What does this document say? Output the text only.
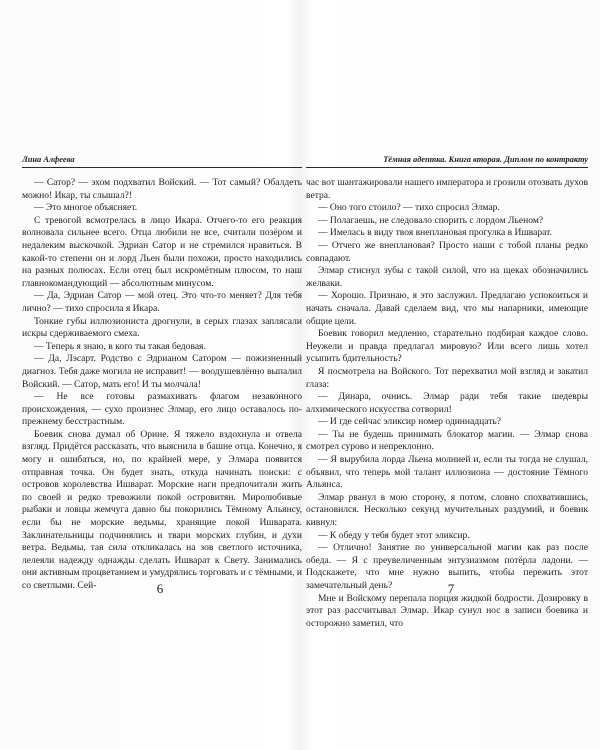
Лина Алфеева

— Сатор? — эхом подхватил Войский. — Тот самый? Обалдеть можно! Икар, ты слышал?!

— Это многое объясняет.

С тревогой всмотрелась в лицо Икара. Отчего-то его реакция волновала сильнее всего. Отца любили не все, считали позёром и недалеким выскочкой. Эдриан Сатор и не стремился нравиться. В какой-то степени он и лорд Льен были похожи, просто находились на разных полюсах. Если отец был искромётным плюсом, то наш главнокомандующий — абсолютным минусом.

— Да, Эдриан Сатор — мой отец. Это что-то меняет? Для тебя лично? — тихо спросила я Икара.

Тонкие губы иллюзиониста дрогнули, в серых глазах заплясали искры сдерживаемого смеха.

— Теперь я знаю, в кого ты такая бедовая.

— Да, Лэсарт. Родство с Эдрианом Сатором — пожизненный диагноз. Тебя даже могила не исправит! — воодушевлённо выпалил Войский. — Сатор, мать его! И ты молчала!

— Не все готовы размахивать флагом незаконного происхождения, — сухо произнес Элмар, его лицо оставалось по-прежнему бесстрастным.

Боевик снова думал об Орине. Я тяжело вздохнула и отвела взгляд. Придётся рассказать, что выяснила в башне отца. Конечно, я могу и ошибаться, но, по крайней мере, у Элмара появится отправная точка. Он будет знать, откуда начинать поиски: с островов королевства Ишварат. Морские наги предпочитали жить по своей и редко тревожили покой островитян. Миролюбивые рыбаки и ловцы жемчуга давно бы покорились Тёмному Альянсу, если бы не морские ведьмы, хранящие покой Ишварата. Заклинательницы подчинялись и твари морских глубин, и духи ветра. Ведьмы, тая сила откликалась на зов светлого источника, лелеяли надежду однажды сделать Ишварат к Свету. Занимались они активным процветанием и умудрялись торговать и с тёмными, и со светлыми. Сей-	6
Тёмная адептка. Книга вторая. Диплом по контракту

час вот шантажировали нашего императора и грозили отозвать духов ветра.

— Оно того стоило? — тихо спросил Элмар.

— Полагаешь, не следовало спорить с лордом Льеном?

— Имелась в виду твоя внеплановая прогулка в Ишварат.

— Отчего же внеплановая? Просто наши с тобой планы редко совпадают.

Элмар стиснул зубы с такой силой, что на щеках обозначились желваки.

— Хорошо. Признаю, я это заслужил. Предлагаю успокоиться и начать сначала. Давай сделаем вид, что мы напарники, имеющие общие цели.

Боевик говорил медленно, старательно подбирая каждое слово. Неужели и правда предлагал мировую? Или всего лишь хотел усыпить бдительность?

Я посмотрела на Войского. Тот перехватил мой взгляд и закатил глаза:

— Динара, очнись. Элмар ради тебя такие шедевры алхимического искусства сотворил!

— И где сейчас эликсир номер одиннадцать?

— Ты не будешь принимать блокатор магии. — Элмар снова смотрел сурово и непреклонно.

— Я вырубила лорда Льена молнией и, если ты тогда не слушал, объявил, что теперь мой талант иллюзиона — достояние Тёмного Альянса.

Элмар рванул в мою сторону, я потом, словно спохватившись, остановился. Несколько секунд мучительных раздумий, и боевик кивнул:

— К обеду у тебя будет этот эликсир.

— Отлично! Занятие по универсальной магии как раз после обеда. — Я с преувеличенным энтузиазмом потёрла ладони. — Подскажете, что мне нужно выпить, чтобы пережить этот замечательный день?

Мне и Войскому перепала порция жидкой бодрости. Дозировку в этот раз рассчитывал Элмар. Икар сунул нос в записи боевика и осторожно заметил, что

7
